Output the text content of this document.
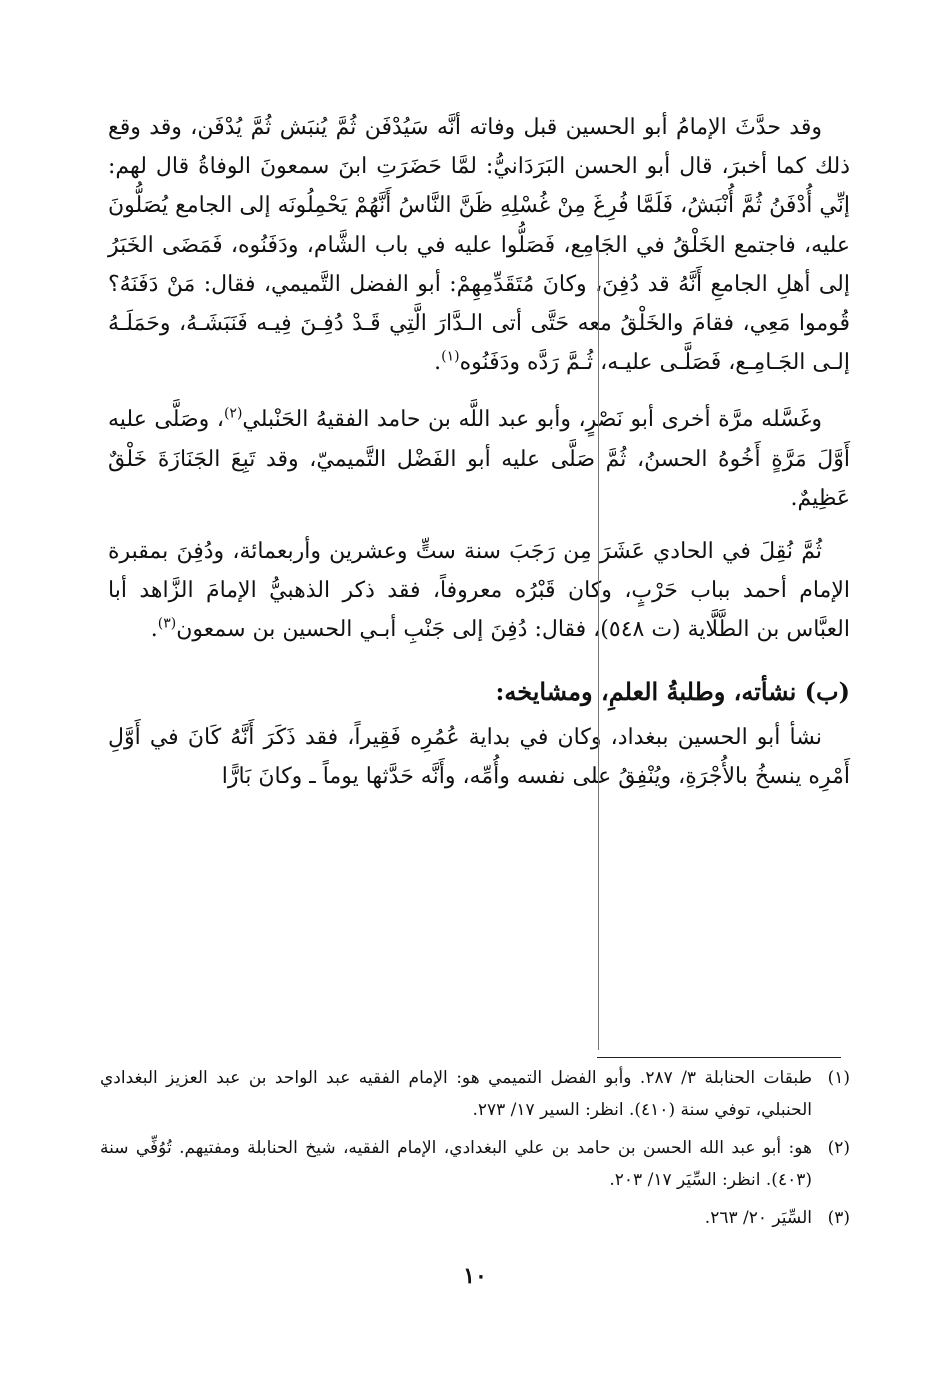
وقد حدَّثَ الإمامُ أبو الحسين قبل وفاته أنَّه سَيُدْفَن ثُمَّ يُنبَش ثُمَّ يُدْفَن، وقد وقع ذلك كما أخبرَ، قال أبو الحسن البَرَدَانيُّ: لمَّا حَضَرَتِ ابنَ سمعونَ الوفاةُ قال لهم: إنِّي أُدْفَنُ ثُمَّ أُنْبَشُ، فَلَمَّا فُرِغَ مِنْ غُسْلِهِ ظَنَّ النَّاسُ أَنَّهُمْ يَحْمِلُونَه إلى الجامع يُصَلُّونَ عليه، فاجتمع الخَلْقُ في الجَامِع، فَصَلُّوا عليه في باب الشَّام، ودَفَنُوه، فَمَضَى الخَبَرُ إلى أهلِ الجامعِ أَنَّهُ قد دُفِنَ، وكانَ مُتَقَدِّمِهِمْ: أبو الفضل التَّميمي، فقال: مَنْ دَفَنَهُ؟ قُوموا مَعِي، فقامَ والخَلْقُ معه حَتَّى أتى الـدَّارَ الَّتِي قَـدْ دُفِـنَ فِيـه فَنَبَشَـهُ، وحَمَلَـهُ إلـى الجَـامِـع، فَصَلَّـى عليـه، ثُـمَّ رَدَّه ودَفَنُوه$^{(١)}$.

وغَسَّله مرَّة أخرى أبو نَصْرٍ، وأبو عبد اللَّه بن حامد الفقيهُ الحَنْبلي$^{(٢)}$، وصَلَّى عليه أَوَّلَ مَرَّةٍ أَخُوهُ الحسنُ، ثُمَّ صَلَّى عليه أبو الفَضْل التَّميميّ، وقد تَبِعَ الجَنَازَةَ خَلْقٌ عَظِيمٌ.

ثُمَّ نُقِلَ في الحادي عَشَرَ مِن رَجَبَ سنة ستٍّ وعشرين وأربعمائة، ودُفِنَ بمقبرة الإمام أحمد بباب حَرْبٍ، وكان قَبْرُه معروفاً، فقد ذكر الذهبيُّ الإمامَ الزَّاهد أبا العبَّاس بن الطَّلَّاية (ت ٥٤٨)، فقال: دُفِنَ إلى جَنْبِ أبـي الحسين بن سمعون$^{(٣)}$.

(ب) نشأته، وطلبةُ العلمِ، ومشايخه:

نشأ أبو الحسين ببغداد، وكان في بداية عُمُرِه فَقِيراً، فقد ذَكَرَ أَنَّهُ كَانَ في أَوَّلِ أَمْرِه ينسخُ بالأُجْرَةِ، ويُنْفِقُ على نفسه وأُمِّه، وأَنَّه حَدَّثها يوماً ـ وكانَ بَارًّا

(١)
طبقات الحنابلة ٣/ ٢٨٧. وأبو الفضل التميمي هو: الإمام الفقيه عبد الواحد بن عبد العزيز البغدادي الحنبلي، توفي سنة (٤١٠). انظر: السير ١٧/ ٢٧٣.
(٢)
هو: أبو عبد الله الحسن بن حامد بن علي البغدادي، الإمام الفقيه، شيخ الحنابلة ومفتيهم. تُوُفِّي سنة (٤٠٣). انظر: السِّيَر ١٧/ ٢٠٣.
(٣)
السِّيَر ٢٠/ ٢٦٣.
١٠
